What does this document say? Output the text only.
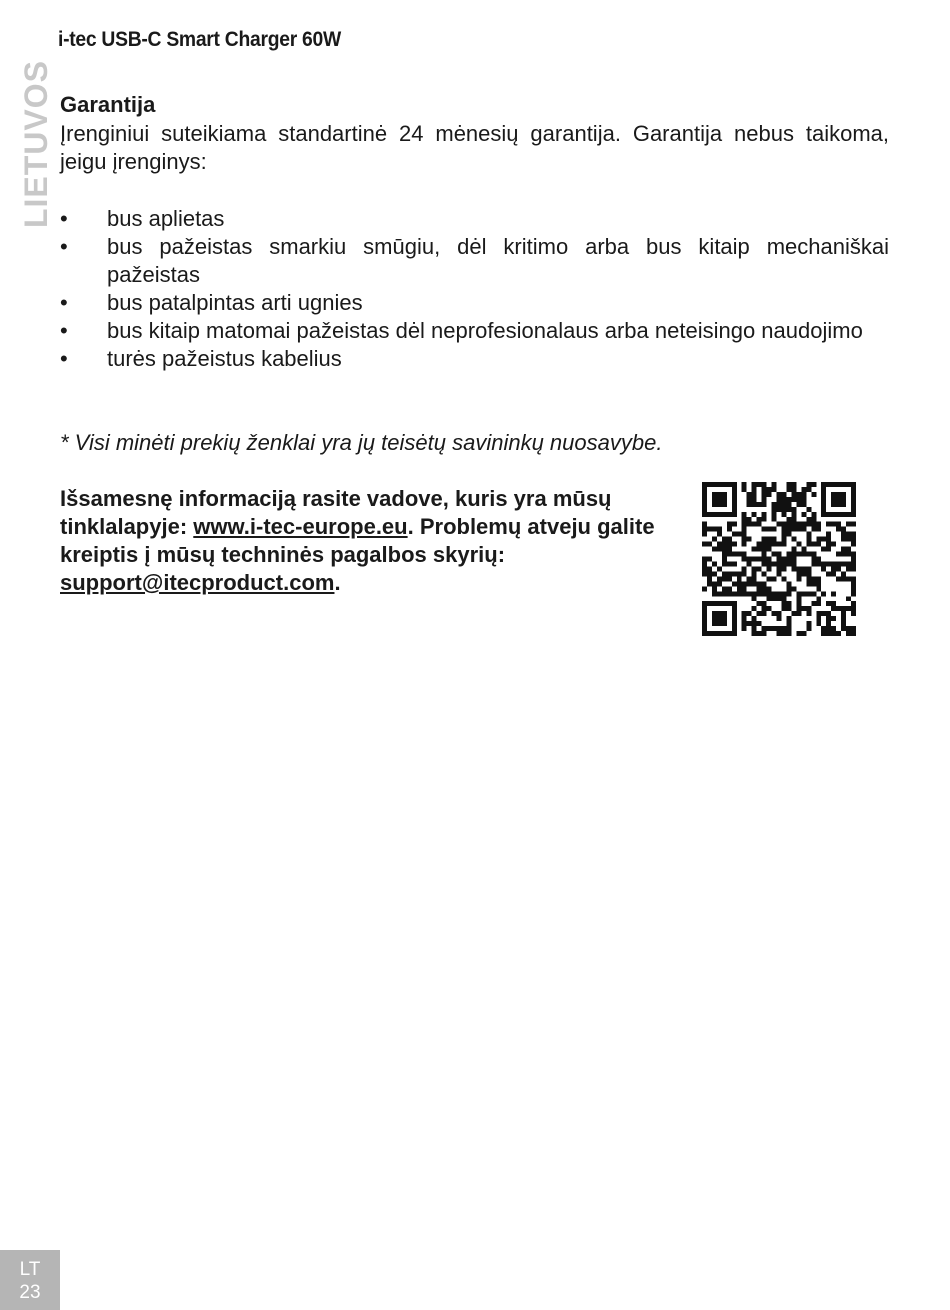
i-tec USB-C Smart Charger 60W
LIETUVOS Garantija

Įrenginiui suteikiama standartinė 24 mėnesių garantija. Garantija nebus taikoma, jeigu įrenginys:

• bus aplietas
• bus pažeistas smarkiu smūgiu, dėl kritimo arba bus kitaip mechaniškai pažeistas
• bus patalpintas arti ugnies
• bus kitaip matomai pažeistas dėl neprofesionalaus arba neteisingo naudojimo
• turės pažeistus kabelius

* Visi minėti prekių ženklai yra jų teisėtų savininkų nuosavybe.

Išsamesnę informaciją rasite vadove, kuris yra mūsų tinklalapyje: www.i-tec-europe.eu. Problemų atveju galite kreiptis į mūsų techninės pagalbos skyrių: support@itecproduct.com.

LT
23
